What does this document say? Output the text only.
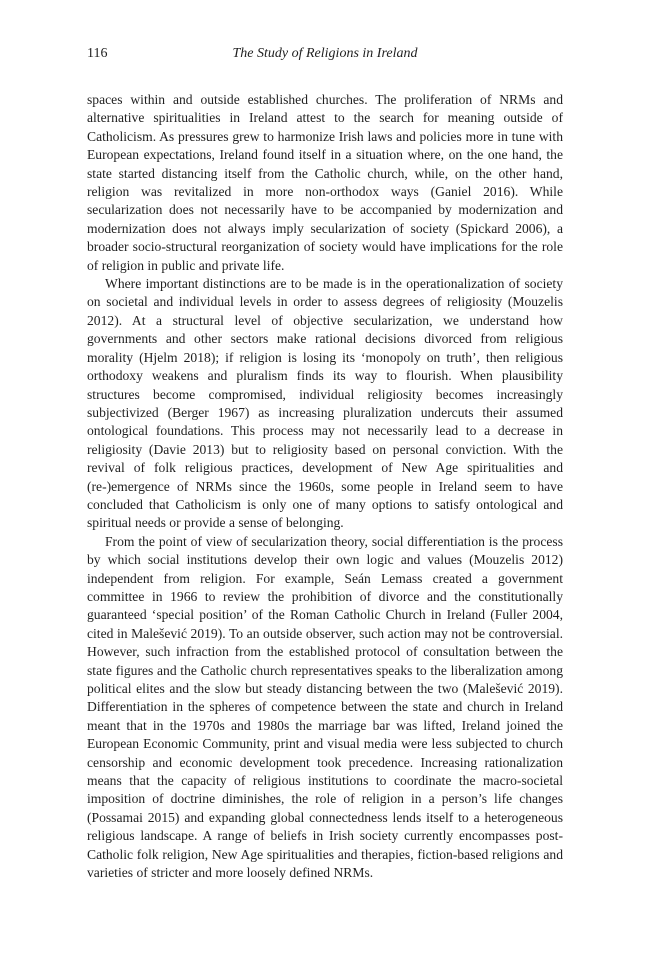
116	The Study of Religions in Ireland

spaces within and outside established churches. The proliferation of NRMs and alternative spiritualities in Ireland attest to the search for meaning outside of Catholicism. As pressures grew to harmonize Irish laws and policies more in tune with European expectations, Ireland found itself in a situation where, on the one hand, the state started distancing itself from the Catholic church, while, on the other hand, religion was revitalized in more non-orthodox ways (Ganiel 2016). While secularization does not necessarily have to be accompanied by modernization and modernization does not always imply secularization of society (Spickard 2006), a broader socio-structural reorganization of society would have implications for the role of religion in public and private life.

Where important distinctions are to be made is in the operationalization of society on societal and individual levels in order to assess degrees of religiosity (Mouzelis 2012). At a structural level of objective secularization, we understand how governments and other sectors make rational decisions divorced from religious morality (Hjelm 2018); if religion is losing its ‘monopoly on truth’, then religious orthodoxy weakens and pluralism finds its way to flourish. When plausibility structures become compromised, individual religiosity becomes increasingly subjectivized (Berger 1967) as increasing pluralization undercuts their assumed ontological foundations. This process may not necessarily lead to a decrease in religiosity (Davie 2013) but to religiosity based on personal conviction. With the revival of folk religious practices, development of New Age spiritualities and (re-)emergence of NRMs since the 1960s, some people in Ireland seem to have concluded that Catholicism is only one of many options to satisfy ontological and spiritual needs or provide a sense of belonging.

From the point of view of secularization theory, social differentiation is the process by which social institutions develop their own logic and values (Mouzelis 2012) independent from religion. For example, Seán Lemass created a government committee in 1966 to review the prohibition of divorce and the constitutionally guaranteed ‘special position’ of the Roman Catholic Church in Ireland (Fuller 2004, cited in Malešević 2019). To an outside observer, such action may not be controversial. However, such infraction from the established protocol of consultation between the state figures and the Catholic church representatives speaks to the liberalization among political elites and the slow but steady distancing between the two (Malešević 2019). Differentiation in the spheres of competence between the state and church in Ireland meant that in the 1970s and 1980s the marriage bar was lifted, Ireland joined the European Economic Community, print and visual media were less subjected to church censorship and economic development took precedence. Increasing rationalization means that the capacity of religious institutions to coordinate the macro-societal imposition of doctrine diminishes, the role of religion in a person’s life changes (Possamai 2015) and expanding global connectedness lends itself to a heterogeneous religious landscape. A range of beliefs in Irish society currently encompasses post-Catholic folk religion, New Age spiritualities and therapies, fiction-based religions and varieties of stricter and more loosely defined NRMs.
